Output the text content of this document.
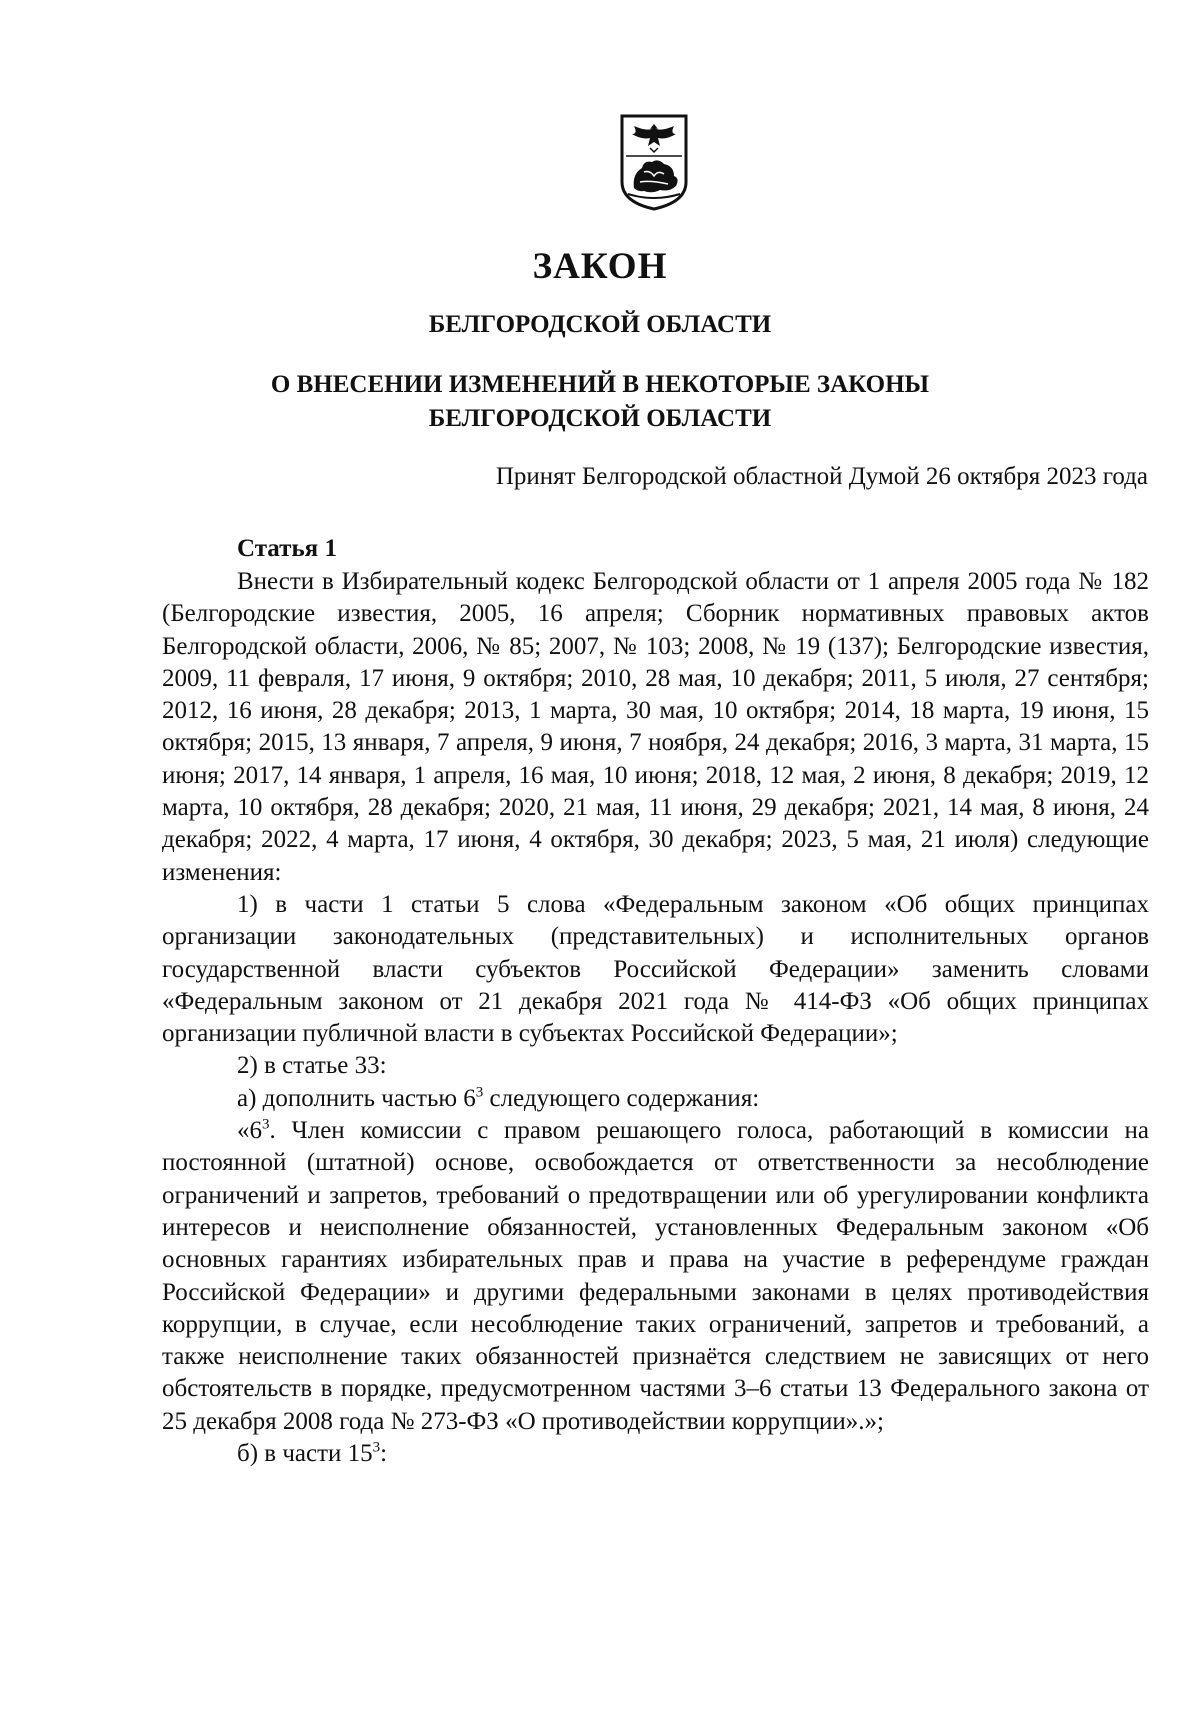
ЗАКОН
БЕЛГОРОДСКОЙ ОБЛАСТИ
О ВНЕСЕНИИ ИЗМЕНЕНИЙ В НЕКОТОРЫЕ ЗАКОНЫ
БЕЛГОРОДСКОЙ ОБЛАСТИ
Принят Белгородской областной Думой 26 октября 2023 года
Статья 1

Внести в Избирательный кодекс Белгородской области от 1 апреля 2005 года № 182 (Белгородские известия, 2005, 16 апреля; Сборник нормативных правовых актов Белгородской области, 2006, № 85; 2007, № 103; 2008, № 19 (137); Белгородские известия, 2009, 11 февраля, 17 июня, 9 октября; 2010, 28 мая, 10 декабря; 2011, 5 июля, 27 сентября; 2012, 16 июня, 28 декабря; 2013, 1 марта, 30 мая, 10 октября; 2014, 18 марта, 19 июня, 15 октября; 2015, 13 января, 7 апреля, 9 июня, 7 ноября, 24 декабря; 2016, 3 марта, 31 марта, 15 июня; 2017, 14 января, 1 апреля, 16 мая, 10 июня; 2018, 12 мая, 2 июня, 8 декабря; 2019, 12 марта, 10 октября, 28 декабря; 2020, 21 мая, 11 июня, 29 декабря; 2021, 14 мая, 8 июня, 24 декабря; 2022, 4 марта, 17 июня, 4 октября, 30 декабря; 2023, 5 мая, 21 июля) следующие изменения:

1) в части 1 статьи 5 слова «Федеральным законом «Об общих принципах организации законодательных (представительных) и исполнительных органов государственной власти субъектов Российской Федерации» заменить словами «Федеральным законом от 21 декабря 2021 года № 414-ФЗ «Об общих принципах организации публичной власти в субъектах Российской Федерации»;

2) в статье 33:

а) дополнить частью $6^3$ следующего содержания:

«$6^3$. Член комиссии с правом решающего голоса, работающий в комиссии на постоянной (штатной) основе, освобождается от ответственности за несоблюдение ограничений и запретов, требований о предотвращении или об урегулировании конфликта интересов и неисполнение обязанностей, установленных Федеральным законом «Об основных гарантиях избирательных прав и права на участие в референдуме граждан Российской Федерации» и другими федеральными законами в целях противодействия коррупции, в случае, если несоблюдение таких ограничений, запретов и требований, а также неисполнение таких обязанностей признаётся следствием не зависящих от него обстоятельств в порядке, предусмотренном частями 3–6 статьи 13 Федерального закона от 25 декабря 2008 года № 273-ФЗ «О противодействии коррупции».»;

б) в части $15^3$:
